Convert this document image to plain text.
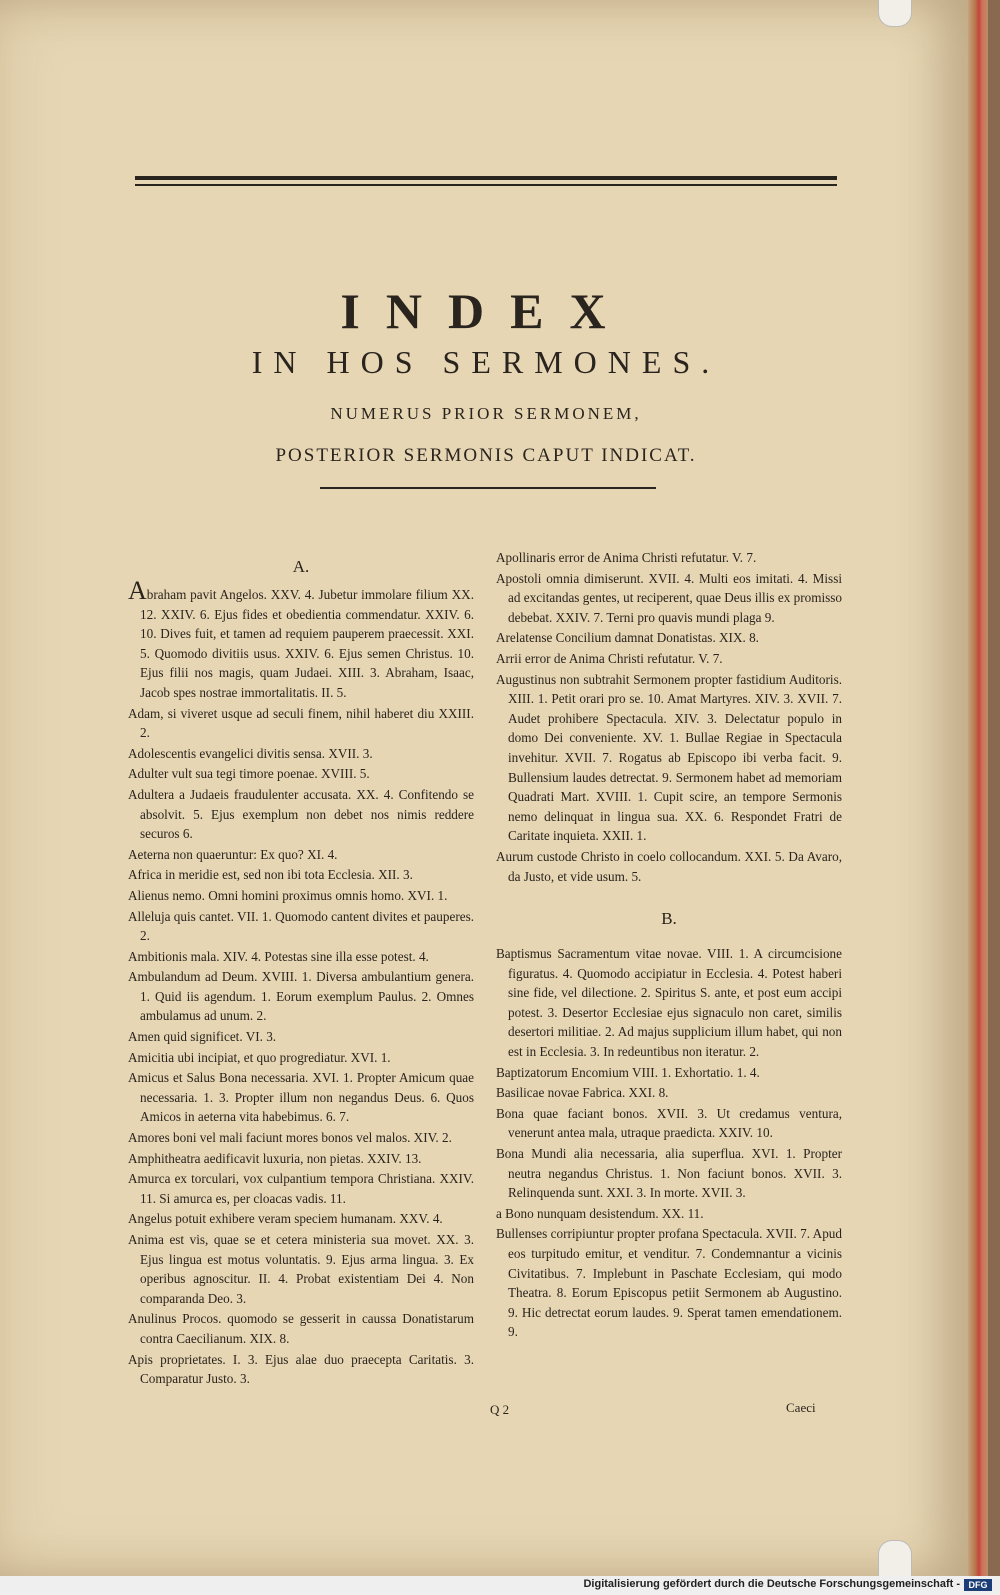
INDEX
IN HOS SERMONES.
NUMERUS PRIOR SERMONEM,
POSTERIOR SERMONIS CAPUT INDICAT.
A.
Abraham pavit Angelos. XXV. 4. Jubetur immolare filium XX. 12. XXIV. 6. Ejus fides et obedientia commendatur. XXIV. 6. 10. Dives fuit, et tamen ad requiem pauperem praecessit. XXI. 5. Quomodo divitiis usus. XXIV. 6. Ejus semen Christus. 10. Ejus filii nos magis, quam Judaei. XIII. 3. Abraham, Isaac, Jacob spes nostrae immortalitatis. II. 5.
Adam, si viveret usque ad seculi finem, nihil haberet diu XXIII. 2.
Adolescentis evangelici divitis sensa. XVII. 3.
Adulter vult sua tegi timore poenae. XVIII. 5.
Adultera a Judaeis fraudulenter accusata. XX. 4. Confitendo se absolvit. 5. Ejus exemplum non debet nos nimis reddere securos 6.
Aeterna non quaeruntur: Ex quo? XI. 4.
Africa in meridie est, sed non ibi tota Ecclesia. XII. 3.
Alienus nemo. Omni homini proximus omnis homo. XVI. 1.
Alleluja quis cantet. VII. 1. Quomodo cantent divites et pauperes. 2.
Ambitionis mala. XIV. 4. Potestas sine illa esse potest. 4.
Ambulandum ad Deum. XVIII. 1. Diversa ambulantium genera. 1. Quid iis agendum. 1. Eorum exemplum Paulus. 2. Omnes ambulamus ad unum. 2.
Amen quid significet. VI. 3.
Amicitia ubi incipiat, et quo progrediatur. XVI. 1.
Amicus et Salus Bona necessaria. XVI. 1. Propter Amicum quae necessaria. 1. 3. Propter illum non negandus Deus. 6. Quos Amicos in aeterna vita habebimus. 6. 7.
Amores boni vel mali faciunt mores bonos vel malos. XIV. 2.
Amphitheatra aedificavit luxuria, non pietas. XXIV. 13.
Amurca ex torculari, vox culpantium tempora Christiana. XXIV. 11. Si amurca es, per cloacas vadis. 11.
Angelus potuit exhibere veram speciem humanam. XXV. 4.
Anima est vis, quae se et cetera ministeria sua movet. XX. 3. Ejus lingua est motus voluntatis. 9. Ejus arma lingua. 3. Ex operibus agnoscitur. II. 4. Probat existentiam Dei 4. Non comparanda Deo. 3.
Anulinus Procos. quomodo se gesserit in caussa Donatistarum contra Caecilianum. XIX. 8.
Apis proprietates. I. 3. Ejus alae duo praecepta Caritatis. 3. Comparatur Justo. 3.
Apollinaris error de Anima Christi refutatur. V. 7.
Apostoli omnia dimiserunt. XVII. 4. Multi eos imitati. 4. Missi ad excitandas gentes, ut reciperent, quae Deus illis ex promisso debebat. XXIV. 7. Terni pro quavis mundi plaga 9.
Arelatense Concilium damnat Donatistas. XIX. 8.
Arrii error de Anima Christi refutatur. V. 7.
Augustinus non subtrahit Sermonem propter fastidium Auditoris. XIII. 1. Petit orari pro se. 10. Amat Martyres. XIV. 3. XVII. 7. Audet prohibere Spectacula. XIV. 3. Delectatur populo in domo Dei conveniente. XV. 1. Bullae Regiae in Spectacula invehitur. XVII. 7. Rogatus ab Episcopo ibi verba facit. 9. Bullensium laudes detrectat. 9. Sermonem habet ad memoriam Quadrati Mart. XVIII. 1. Cupit scire, an tempore Sermonis nemo delinquat in lingua sua. XX. 6. Respondet Fratri de Caritate inquieta. XXII. 1.
Aurum custode Christo in coelo collocandum. XXI. 5. Da Avaro, da Justo, et vide usum. 5.
B.
Baptismus Sacramentum vitae novae. VIII. 1. A circumcisione figuratus. 4. Quomodo accipiatur in Ecclesia. 4. Potest haberi sine fide, vel dilectione. 2. Spiritus S. ante, et post eum accipi potest. 3. Desertor Ecclesiae ejus signaculo non caret, similis desertori militiae. 2. Ad majus supplicium illum habet, qui non est in Ecclesia. 3. In redeuntibus non iteratur. 2.
Baptizatorum Encomium VIII. 1. Exhortatio. 1. 4.
Basilicae novae Fabrica. XXI. 8.
Bona quae faciant bonos. XVII. 3. Ut credamus ventura, venerunt antea mala, utraque praedicta. XXIV. 10.
Bona Mundi alia necessaria, alia superflua. XVI. 1. Propter neutra negandus Christus. 1. Non faciunt bonos. XVII. 3. Relinquenda sunt. XXI. 3. In morte. XVII. 3.
a Bono nunquam desistendum. XX. 11.
Bullenses corripiuntur propter profana Spectacula. XVII. 7. Apud eos turpitudo emitur, et venditur. 7. Condemnantur a vicinis Civitatibus. 7. Implebunt in Paschate Ecclesiam, qui modo Theatra. 8. Eorum Episcopus petiit Sermonem ab Augustino. 9. Hic detrectat eorum laudes. 9. Sperat tamen emendationem. 9.
Q 2	Caeci
Digitalisierung gefördert durch die Deutsche Forschungsgemeinschaft - DFG
